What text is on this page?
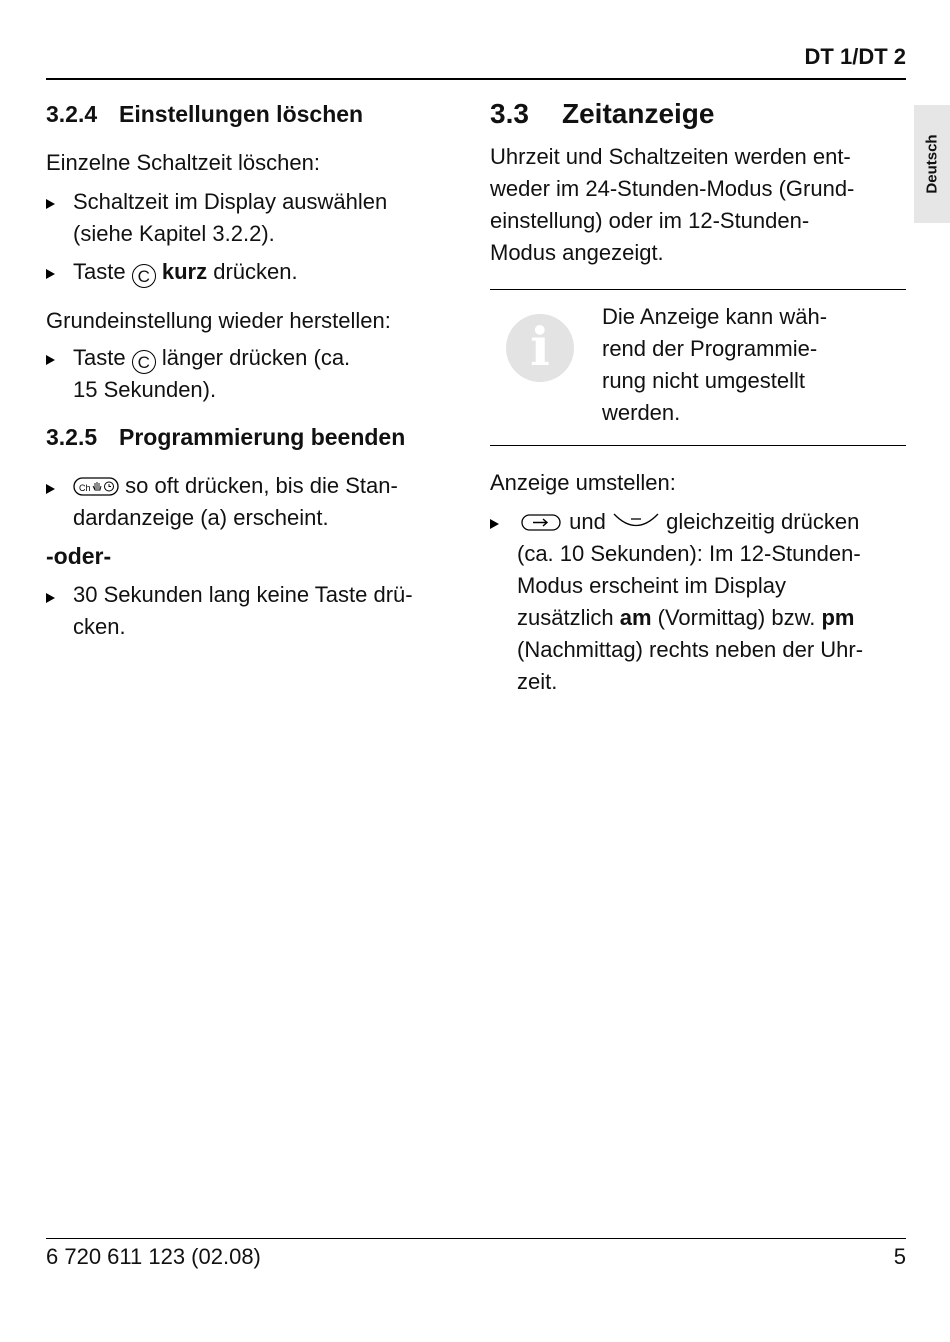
DT 1/DT 2
Deutsch
3.2.4 Einstellungen löschen
Einzelne Schaltzeit löschen:
Schaltzeit im Display auswählen
(siehe Kapitel 3.2.2).
Taste C kurz drücken.
Grundeinstellung wieder herstellen:
Taste C länger drücken (ca.
15 Sekunden).
3.2.5 Programmierung beenden
Ch so oft drücken, bis die Stan-
dardanzeige (a) erscheint.
-oder-
30 Sekunden lang keine Taste drü-
cken.
3.3 Zeitanzeige
Uhrzeit und Schaltzeiten werden ent-
weder im 24-Stunden-Modus (Grund-
einstellung) oder im 12-Stunden-
Modus angezeigt.
i
Die Anzeige kann wäh-
rend der Programmie-
rung nicht umgestellt
werden.
Anzeige umstellen:
und	gleichzeitig drücken
(ca. 10 Sekunden): Im 12-Stunden-
Modus erscheint im Display
zusätzlich am (Vormittag) bzw. pm
(Nachmittag) rechts neben der Uhr-
zeit.
6 720 611 123 (02.08)	5
